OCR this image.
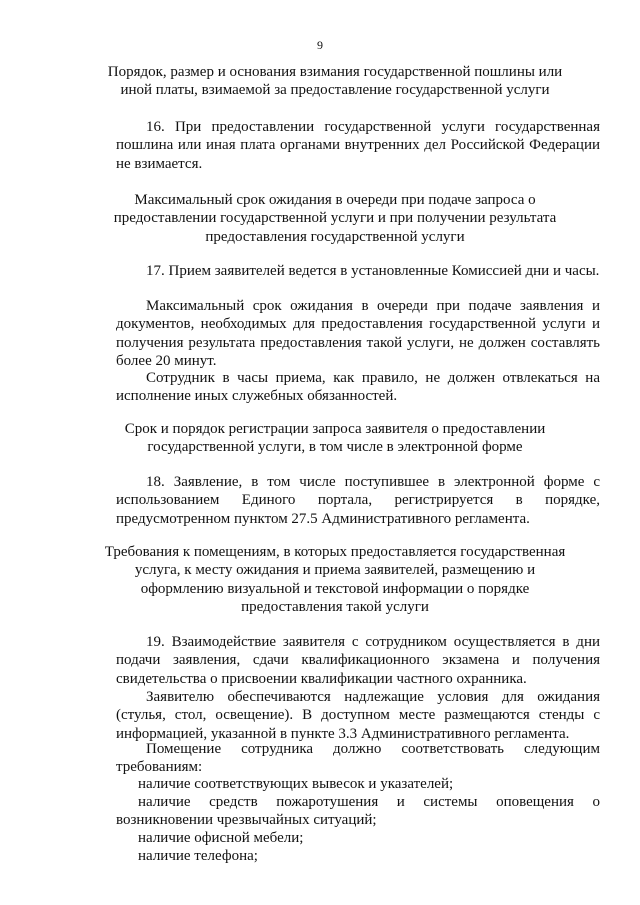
9
Порядок, размер и основания взимания государственной пошлины или иной платы, взимаемой за предоставление государственной услуги
16. При предоставлении государственной услуги государственная пошлина или иная плата органами внутренних дел Российской Федерации не взимается.
Максимальный срок ожидания в очереди при подаче запроса о предоставлении государственной услуги и при получении результата предоставления государственной услуги
17. Прием заявителей ведется в установленные Комиссией дни и часы.
Максимальный срок ожидания в очереди при подаче заявления и документов, необходимых для предоставления государственной услуги и получения результата предоставления такой услуги, не должен составлять более 20 минут.
Сотрудник в часы приема, как правило, не должен отвлекаться на исполнение иных служебных обязанностей.
Срок и порядок регистрации запроса заявителя о предоставлении государственной услуги, в том числе в электронной форме
18. Заявление, в том числе поступившее в электронной форме с использованием Единого портала, регистрируется в порядке, предусмотренном пунктом 27.5 Административного регламента.
Требования к помещениям, в которых предоставляется государственная услуга, к месту ожидания и приема заявителей, размещению и оформлению визуальной и текстовой информации о порядке предоставления такой услуги
19. Взаимодействие заявителя с сотрудником осуществляется в дни подачи заявления, сдачи квалификационного экзамена и получения свидетельства о присвоении квалификации частного охранника.
Заявителю обеспечиваются надлежащие условия для ожидания (стулья, стол, освещение). В доступном месте размещаются стенды с информацией, указанной в пункте 3.3 Административного регламента.
Помещение сотрудника должно соответствовать следующим требованиям:
наличие соответствующих вывесок и указателей;
наличие средств пожаротушения и системы оповещения о возникновении чрезвычайных ситуаций;
наличие офисной мебели;
наличие телефона;
